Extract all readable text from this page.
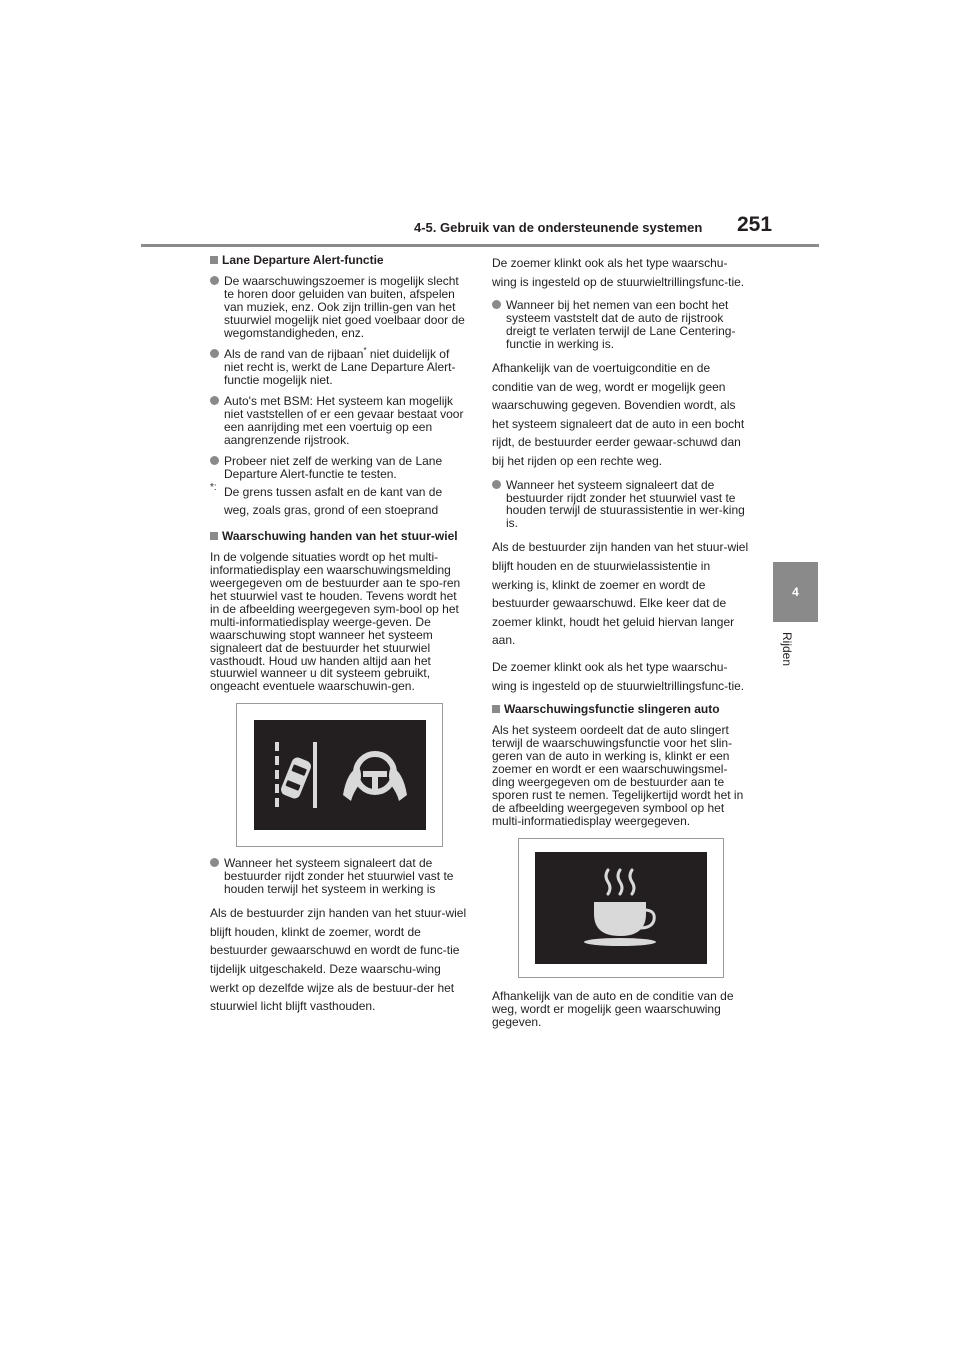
4-5. Gebruik van de ondersteunende systemen 251
4
Rijden
Lane Departure Alert-functie
De waarschuwingszoemer is mogelijk slecht te horen door geluiden van buiten, afspelen van muziek, enz. Ook zijn trillin-gen van het stuurwiel mogelijk niet goed voelbaar door de wegomstandigheden, enz.
Als de rand van de rijbaan* niet duidelijk of niet recht is, werkt de Lane Departure Alert-functie mogelijk niet.
Auto's met BSM: Het systeem kan mogelijk niet vaststellen of er een gevaar bestaat voor een aanrijding met een voertuig op een aangrenzende rijstrook.
Probeer niet zelf de werking van de Lane Departure Alert-functie te testen.
*: De grens tussen asfalt en de kant van de weg, zoals gras, grond of een stoeprand
Waarschuwing handen van het stuur-wiel
In de volgende situaties wordt op het multi-informatiedisplay een waarschuwingsmelding weergegeven om de bestuurder aan te spo-ren het stuurwiel vast te houden. Tevens wordt het in de afbeelding weergegeven sym-bool op het multi-informatiedisplay weerge-geven. De waarschuwing stopt wanneer het systeem signaleert dat de bestuurder het stuurwiel vasthoudt. Houd uw handen altijd aan het stuurwiel wanneer u dit systeem gebruikt, ongeacht eventuele waarschuwin-gen.
Wanneer het systeem signaleert dat de bestuurder rijdt zonder het stuurwiel vast te houden terwijl het systeem in werking is
Als de bestuurder zijn handen van het stuur-wiel blijft houden, klinkt de zoemer, wordt de bestuurder gewaarschuwd en wordt de func-tie tijdelijk uitgeschakeld. Deze waarschu-wing werkt op dezelfde wijze als de bestuur-der het stuurwiel licht blijft vasthouden.
De zoemer klinkt ook als het type waarschu-wing is ingesteld op de stuurwieltrillingsfunc-tie.
Wanneer bij het nemen van een bocht het systeem vaststelt dat de auto de rijstrook dreigt te verlaten terwijl de Lane Centering-functie in werking is.
Afhankelijk van de voertuigconditie en de conditie van de weg, wordt er mogelijk geen waarschuwing gegeven. Bovendien wordt, als het systeem signaleert dat de auto in een bocht rijdt, de bestuurder eerder gewaar-schuwd dan bij het rijden op een rechte weg.
Wanneer het systeem signaleert dat de bestuurder rijdt zonder het stuurwiel vast te houden terwijl de stuurassistentie in wer-king is.
Als de bestuurder zijn handen van het stuur-wiel blijft houden en de stuurwielassistentie in werking is, klinkt de zoemer en wordt de bestuurder gewaarschuwd. Elke keer dat de zoemer klinkt, houdt het geluid hiervan langer aan.
De zoemer klinkt ook als het type waarschu-wing is ingesteld op de stuurwieltrillingsfunc-tie.
Waarschuwingsfunctie slingeren auto
Als het systeem oordeelt dat de auto slingert terwijl de waarschuwingsfunctie voor het slin-geren van de auto in werking is, klinkt er een zoemer en wordt er een waarschuwingsmel-ding weergegeven om de bestuurder aan te sporen rust te nemen. Tegelijkertijd wordt het in de afbeelding weergegeven symbool op het multi-informatiedisplay weergegeven.
Afhankelijk van de auto en de conditie van de weg, wordt er mogelijk geen waarschuwing gegeven.
